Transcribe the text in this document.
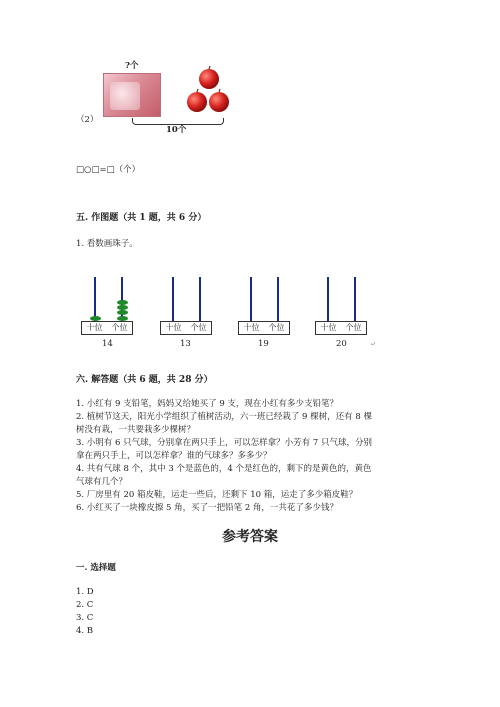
?个
（2）
10个
□○□=□（个）
五. 作图题（共 1 题，共 6 分）
1. 看数画珠子。
十位	个位
14
十位	个位
13
十位	个位
19
十位	个位
20	↵
六. 解答题（共 6 题，共 28 分）
1. 小红有 9 支铅笔，妈妈又给她买了 9 支，现在小红有多少支铅笔？
2. 植树节这天，阳光小学组织了植树活动，六一班已经栽了 9 棵树，还有 8 棵
树没有栽，一共要栽多少棵树？
3. 小明有 6 只气球，分别拿在两只手上，可以怎样拿？小芳有 7 只气球，分别
拿在两只手上，可以怎样拿？谁的气球多？多多少？
4. 共有气球 8 个，其中 3 个是蓝色的，4 个是红色的，剩下的是黄色的，黄色
气球有几个？
5. 厂房里有 20 箱皮鞋，运走一些后，还剩下 10 箱，运走了多少箱皮鞋？
6. 小红买了一块橡皮擦 5 角，买了一把铅笔 2 角，一共花了多少钱？
参考答案
一. 选择题
1. D
2. C
3. C
4. B
